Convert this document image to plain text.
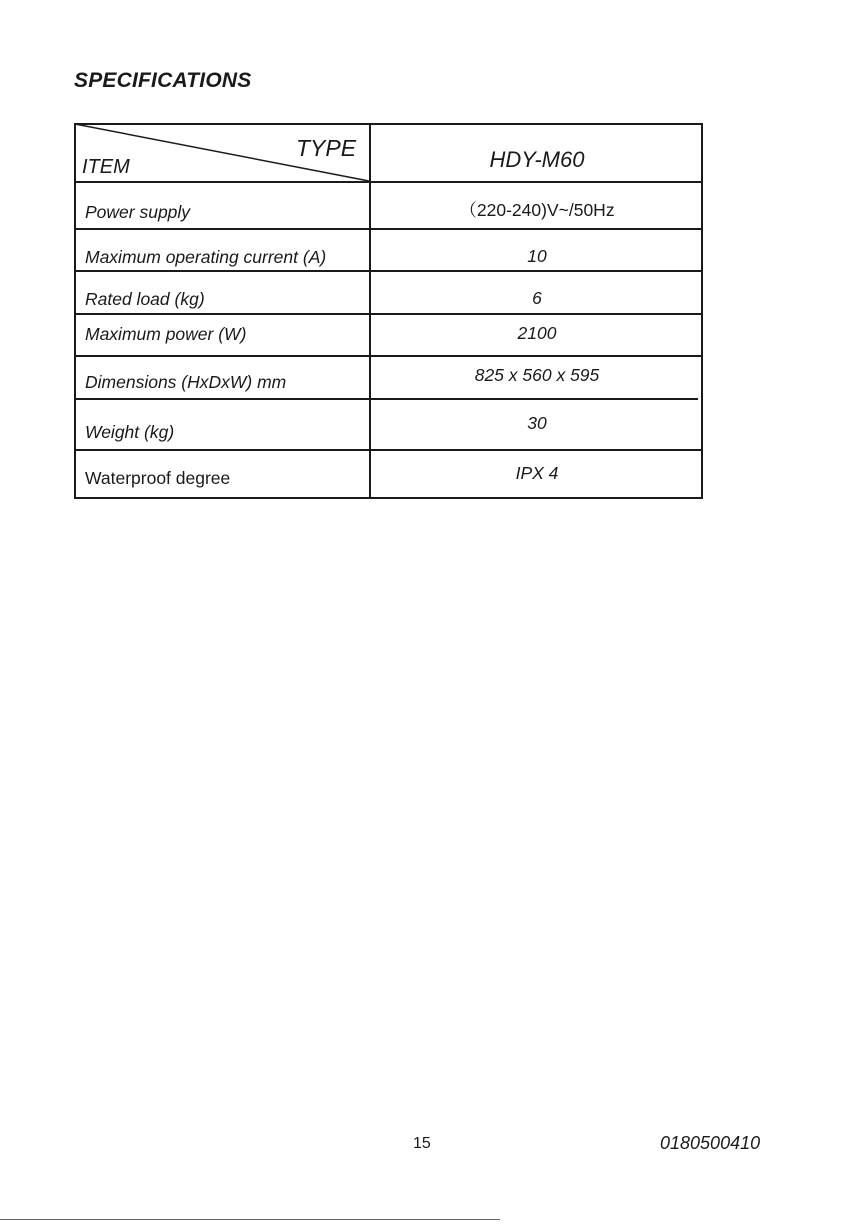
SPECIFICATIONS
TYPE
ITEM	HDY-M60
Power supply	（220-240)V~/50Hz
Maximum operating current (A)	10
Rated load (kg)	6
Maximum power (W)	2100
Dimensions (HxDxW) mm	825 x 560 x 595
Weight (kg)	30
Waterproof degree	IPX 4
15	0180500410
